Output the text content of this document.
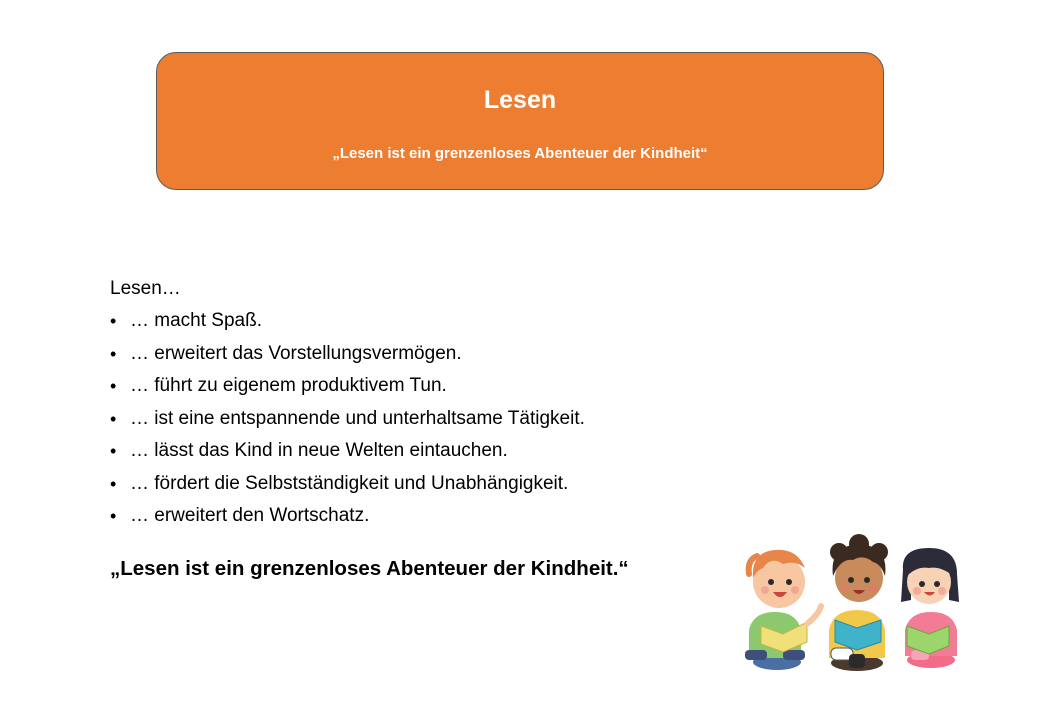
Lesen
„Lesen ist ein grenzenloses Abenteuer der Kindheit“
Lesen…
• … macht Spaß.
• … erweitert das Vorstellungsvermögen.
• … führt zu eigenem produktivem Tun.
• … ist eine entspannende und unterhaltsame Tätigkeit.
• … lässt das Kind in neue Welten eintauchen.
• … fördert die Selbstständigkeit und Unabhängigkeit.
• … erweitert den Wortschatz.
„Lesen ist ein grenzenloses Abenteuer der Kindheit.“
